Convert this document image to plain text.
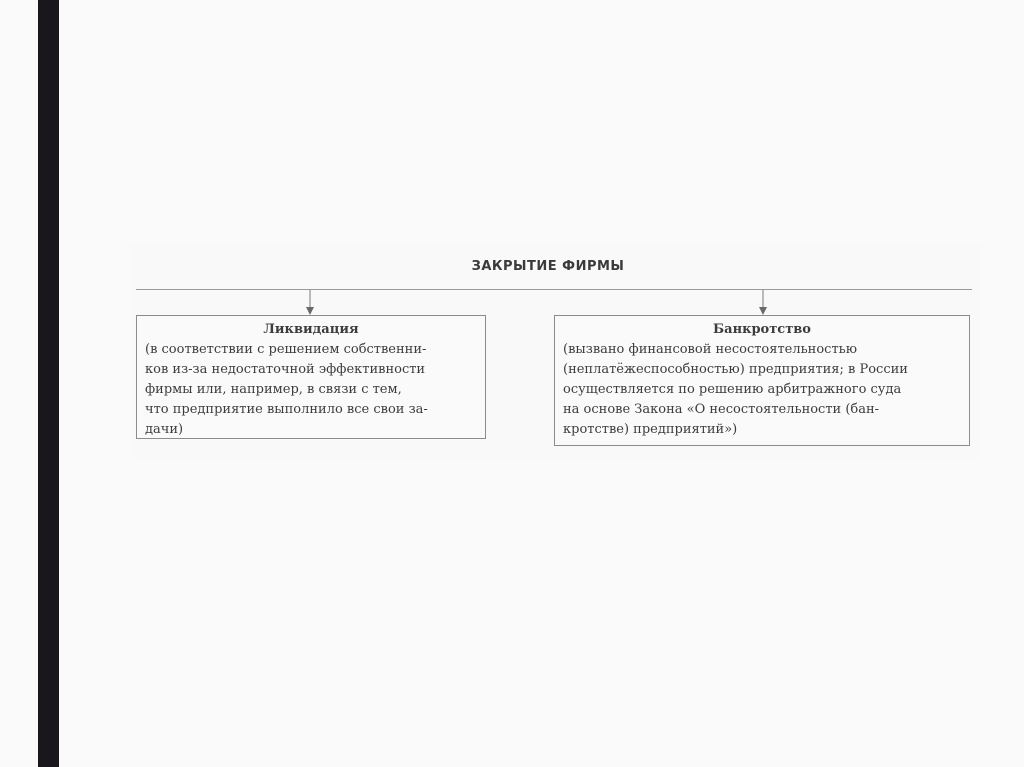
ЗАКРЫТИЕ ФИРМЫ
Ликвидация
(в соответствии с решением собственни-
ков из-за недостаточной эффективности
фирмы или, например, в связи с тем,
что предприятие выполнило все свои за-
дачи)
Банкротство
(вызвано финансовой несостоятельностью
(неплатёжеспособностью) предприятия; в России
осуществляется по решению арбитражного суда
на основе Закона «О несостоятельности (бан-
кротстве) предприятий»)
